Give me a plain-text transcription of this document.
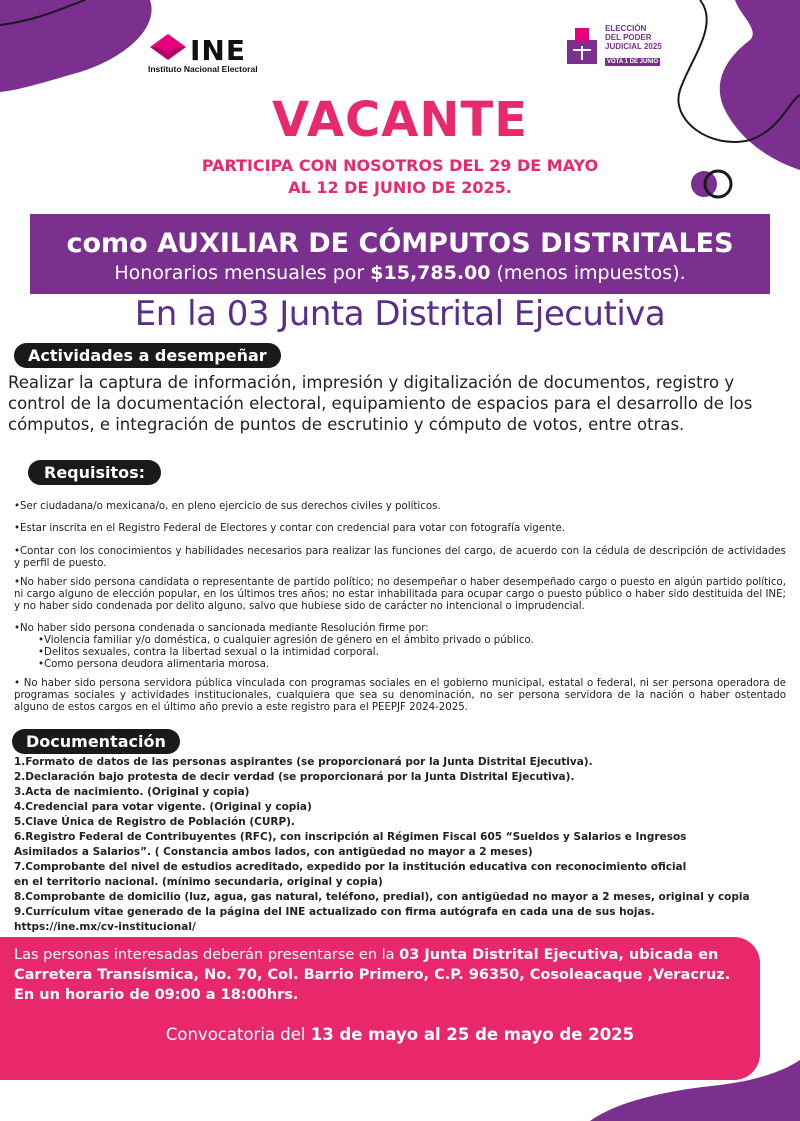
INE
Instituto Nacional Electoral
ELECCIÓN
DEL PODER
JUDICIAL 2025
VOTA 1 DE JUNIO
VACANTE
PARTICIPA CON NOSOTROS DEL 29 DE MAYO
AL 12 DE JUNIO DE 2025.
como AUXILIAR DE CÓMPUTOS DISTRITALES
Honorarios mensuales por $15,785.00 (menos impuestos).
En la 03 Junta Distrital Ejecutiva
Actividades a desempeñar
Realizar la captura de información, impresión y digitalización de documentos, registro y control de la documentación electoral, equipamiento de espacios para el desarrollo de los cómputos, e integración de puntos de escrutinio y cómputo de votos, entre otras.
Requisitos:
•Ser ciudadana/o mexicana/o, en pleno ejercicio de sus derechos civiles y políticos.
•Estar inscrita en el Registro Federal de Electores y contar con credencial para votar con fotografía vigente.
•Contar con los conocimientos y habilidades necesarios para realizar las funciones del cargo, de acuerdo con la cédula de descripción de actividades y perfil de puesto.
•No haber sido persona candidata o representante de partido político; no desempeñar o haber desempeñado cargo o puesto en algún partido político, ni cargo alguno de elección popular, en los últimos tres años; no estar inhabilitada para ocupar cargo o puesto público o haber sido destituida del INE; y no haber sido condenada por delito alguno, salvo que hubiese sido de carácter no intencional o imprudencial.
•No haber sido persona condenada o sancionada mediante Resolución firme por:
•Violencia familiar y/o doméstica, o cualquier agresión de género en el ámbito privado o público.
•Delitos sexuales, contra la libertad sexual o la intimidad corporal.
•Como persona deudora alimentaria morosa.
• No haber sido persona servidora pública vinculada con programas sociales en el gobierno municipal, estatal o federal, ni ser persona operadora de programas sociales y actividades institucionales, cualquiera que sea su denominación, no ser persona servidora de la nación o haber ostentado alguno de estos cargos en el último año previo a este registro para el PEEPJF 2024-2025.
Documentación
1.Formato de datos de las personas aspirantes (se proporcionará por la Junta Distrital Ejecutiva).
2.Declaración bajo protesta de decir verdad (se proporcionará por la Junta Distrital Ejecutiva).
3.Acta de nacimiento. (Original y copia)
4.Credencial para votar vigente. (Original y copia)
5.Clave Única de Registro de Población (CURP).
6.Registro Federal de Contribuyentes (RFC), con inscripción al Régimen Fiscal 605 “Sueldos y Salarios e Ingresos
Asimilados a Salarios”. ( Constancia ambos lados, con antigüedad no mayor a 2 meses)
7.Comprobante del nivel de estudios acreditado, expedido por la institución educativa con reconocimiento oficial
en el territorio nacional. (mínimo secundaria, original y copia)
8.Comprobante de domicilio (luz, agua, gas natural, teléfono, predial), con antigüedad no mayor a 2 meses, original y copia
9.Currículum vitae generado de la página del INE actualizado con firma autógrafa en cada una de sus hojas.
https://ine.mx/cv-institucional/
Las personas interesadas deberán presentarse en la 03 Junta Distrital Ejecutiva, ubicada en Carretera Transísmica, No. 70, Col. Barrio Primero, C.P. 96350, Cosoleacaque ,Veracruz.
En un horario de 09:00 a 18:00hrs.
Convocatoria del 13 de mayo al 25 de mayo de 2025
